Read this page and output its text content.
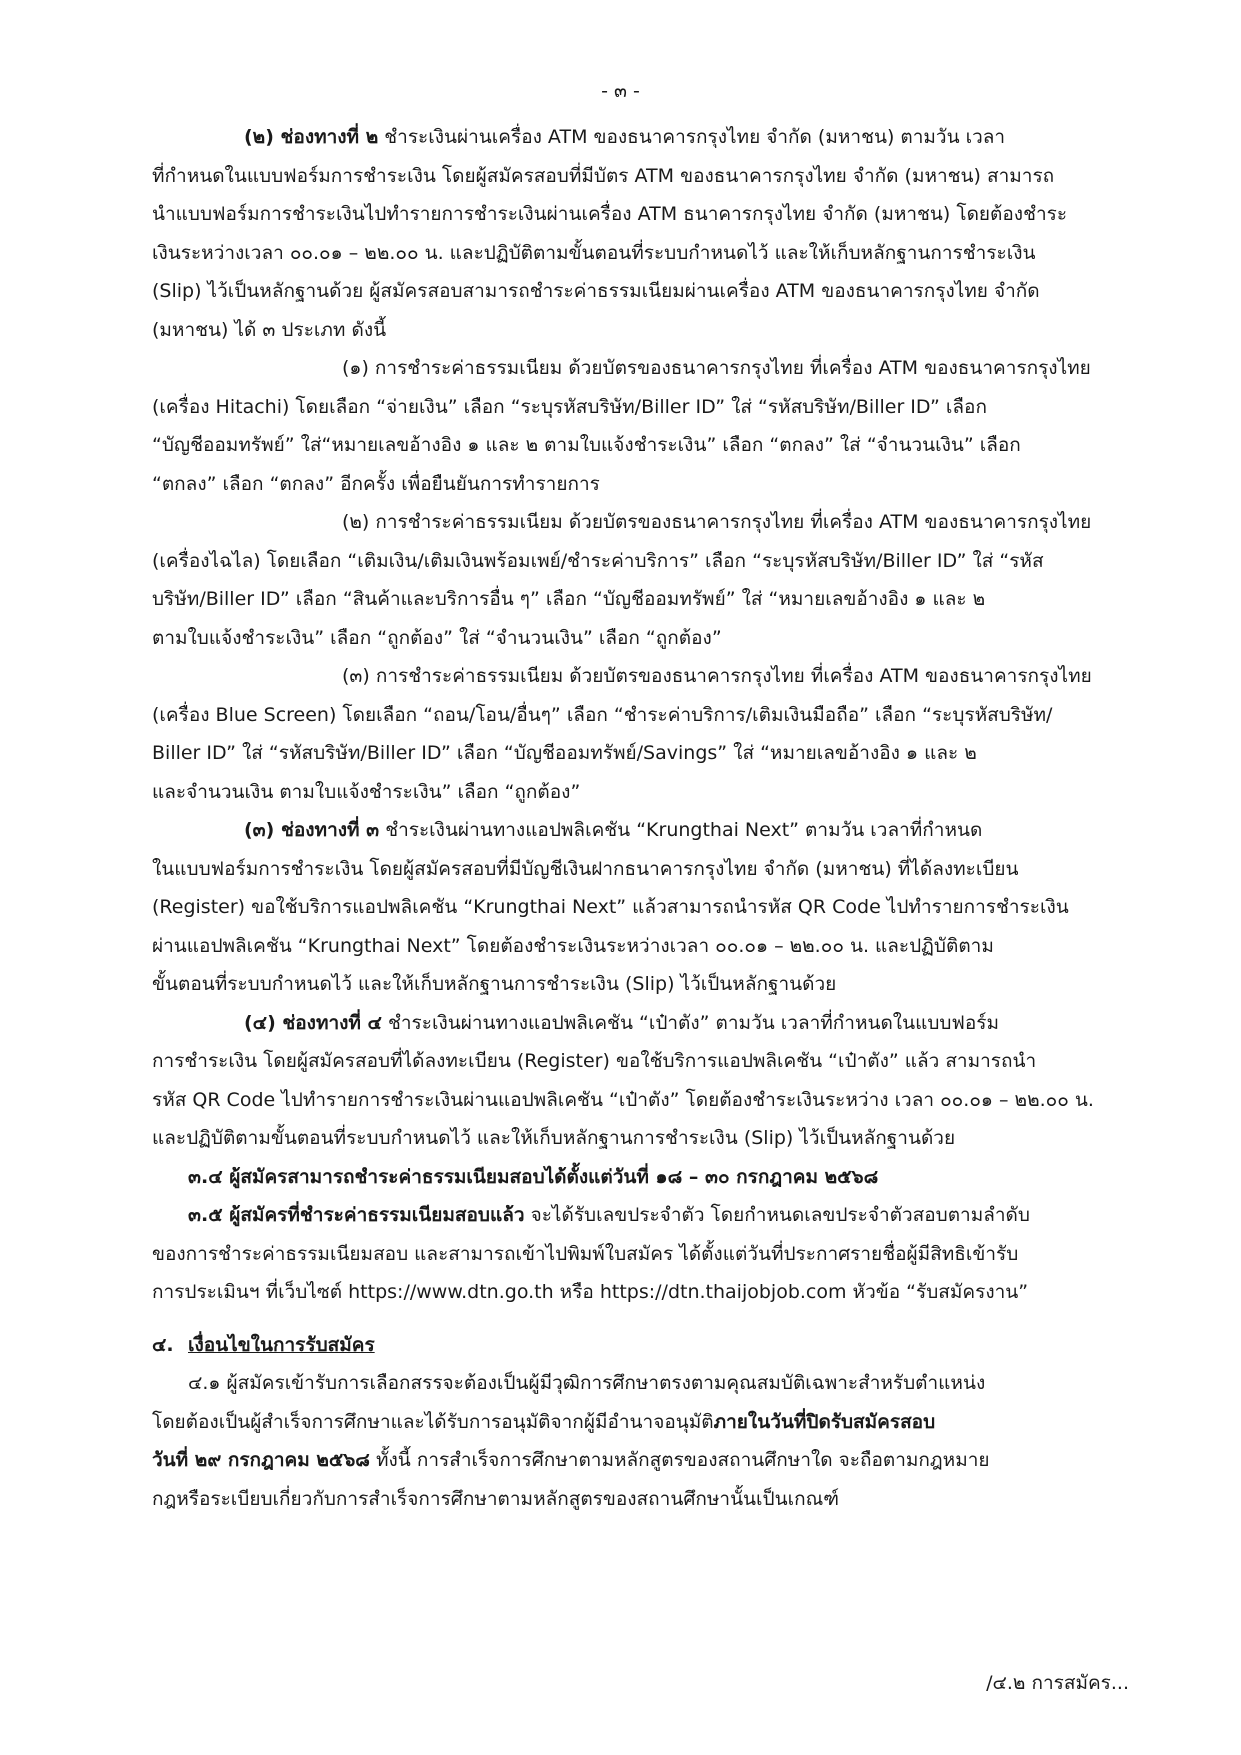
- ๓ -
(๒) ช่องทางที่ ๒ ชำระเงินผ่านเครื่อง ATM ของธนาคารกรุงไทย จำกัด (มหาชน) ตามวัน เวลา
ที่กำหนดในแบบฟอร์มการชำระเงิน โดยผู้สมัครสอบที่มีบัตร ATM ของธนาคารกรุงไทย จำกัด (มหาชน) สามารถ
นำแบบฟอร์มการชำระเงินไปทำรายการชำระเงินผ่านเครื่อง ATM ธนาคารกรุงไทย จำกัด (มหาชน) โดยต้องชำระ
เงินระหว่างเวลา ๐๐.๐๑ – ๒๒.๐๐ น. และปฏิบัติตามขั้นตอนที่ระบบกำหนดไว้ และให้เก็บหลักฐานการชำระเงิน
(Slip) ไว้เป็นหลักฐานด้วย ผู้สมัครสอบสามารถชำระค่าธรรมเนียมผ่านเครื่อง ATM ของธนาคารกรุงไทย จำกัด
(มหาชน) ได้ ๓ ประเภท ดังนี้
(๑) การชำระค่าธรรมเนียม ด้วยบัตรของธนาคารกรุงไทย ที่เครื่อง ATM ของธนาคารกรุงไทย
(เครื่อง Hitachi) โดยเลือก “จ่ายเงิน” เลือก “ระบุรหัสบริษัท/Biller ID” ใส่ “รหัสบริษัท/Biller ID” เลือก
“บัญชีออมทรัพย์” ใส่“หมายเลขอ้างอิง ๑ และ ๒ ตามใบแจ้งชำระเงิน” เลือก “ตกลง” ใส่ “จำนวนเงิน” เลือก
“ตกลง” เลือก “ตกลง” อีกครั้ง เพื่อยืนยันการทำรายการ
(๒) การชำระค่าธรรมเนียม ด้วยบัตรของธนาคารกรุงไทย ที่เครื่อง ATM ของธนาคารกรุงไทย
(เครื่องไฉไล) โดยเลือก “เติมเงิน/เติมเงินพร้อมเพย์/ชำระค่าบริการ” เลือก “ระบุรหัสบริษัท/Biller ID” ใส่ “รหัส
บริษัท/Biller ID” เลือก “สินค้าและบริการอื่น ๆ” เลือก “บัญชีออมทรัพย์” ใส่ “หมายเลขอ้างอิง ๑ และ ๒
ตามใบแจ้งชำระเงิน” เลือก “ถูกต้อง” ใส่ “จำนวนเงิน” เลือก “ถูกต้อง”
(๓) การชำระค่าธรรมเนียม ด้วยบัตรของธนาคารกรุงไทย ที่เครื่อง ATM ของธนาคารกรุงไทย
(เครื่อง Blue Screen) โดยเลือก “ถอน/โอน/อื่นๆ” เลือก “ชำระค่าบริการ/เติมเงินมือถือ” เลือก “ระบุรหัสบริษัท/
Biller ID” ใส่ “รหัสบริษัท/Biller ID” เลือก “บัญชีออมทรัพย์/Savings” ใส่ “หมายเลขอ้างอิง ๑ และ ๒
และจำนวนเงิน ตามใบแจ้งชำระเงิน” เลือก “ถูกต้อง”
(๓) ช่องทางที่ ๓ ชำระเงินผ่านทางแอปพลิเคชัน “Krungthai Next” ตามวัน เวลาที่กำหนด
ในแบบฟอร์มการชำระเงิน โดยผู้สมัครสอบที่มีบัญชีเงินฝากธนาคารกรุงไทย จำกัด (มหาชน) ที่ได้ลงทะเบียน
(Register) ขอใช้บริการแอปพลิเคชัน “Krungthai Next” แล้วสามารถนำรหัส QR Code ไปทำรายการชำระเงิน
ผ่านแอปพลิเคชัน “Krungthai Next” โดยต้องชำระเงินระหว่างเวลา ๐๐.๐๑ – ๒๒.๐๐ น. และปฏิบัติตาม
ขั้นตอนที่ระบบกำหนดไว้ และให้เก็บหลักฐานการชำระเงิน (Slip) ไว้เป็นหลักฐานด้วย
(๔) ช่องทางที่ ๔ ชำระเงินผ่านทางแอปพลิเคชัน “เป๋าตัง” ตามวัน เวลาที่กำหนดในแบบฟอร์ม
การชำระเงิน โดยผู้สมัครสอบที่ได้ลงทะเบียน (Register) ขอใช้บริการแอปพลิเคชัน “เป๋าตัง” แล้ว สามารถนำ
รหัส QR Code ไปทำรายการชำระเงินผ่านแอปพลิเคชัน “เป๋าตัง” โดยต้องชำระเงินระหว่าง เวลา ๐๐.๐๑ – ๒๒.๐๐ น.
และปฏิบัติตามขั้นตอนที่ระบบกำหนดไว้ และให้เก็บหลักฐานการชำระเงิน (Slip) ไว้เป็นหลักฐานด้วย
๓.๔ ผู้สมัครสามารถชำระค่าธรรมเนียมสอบได้ตั้งแต่วันที่ ๑๘ – ๓๐ กรกฎาคม ๒๕๖๘
๓.๕ ผู้สมัครที่ชำระค่าธรรมเนียมสอบแล้ว จะได้รับเลขประจำตัว โดยกำหนดเลขประจำตัวสอบตามลำดับ
ของการชำระค่าธรรมเนียมสอบ และสามารถเข้าไปพิมพ์ใบสมัคร ได้ตั้งแต่วันที่ประกาศรายชื่อผู้มีสิทธิเข้ารับ
การประเมินฯ ที่เว็บไซต์ https://www.dtn.go.th หรือ https://dtn.thaijobjob.com หัวข้อ “รับสมัครงาน”
๔. เงื่อนไขในการรับสมัคร
๔.๑ ผู้สมัครเข้ารับการเลือกสรรจะต้องเป็นผู้มีวุฒิการศึกษาตรงตามคุณสมบัติเฉพาะสำหรับตำแหน่ง
โดยต้องเป็นผู้สำเร็จการศึกษาและได้รับการอนุมัติจากผู้มีอำนาจอนุมัติภายในวันที่ปิดรับสมัครสอบ
วันที่ ๒๙ กรกฎาคม ๒๕๖๘ ทั้งนี้ การสำเร็จการศึกษาตามหลักสูตรของสถานศึกษาใด จะถือตามกฎหมาย
กฎหรือระเบียบเกี่ยวกับการสำเร็จการศึกษาตามหลักสูตรของสถานศึกษานั้นเป็นเกณฑ์
/๔.๒ การสมัคร...
